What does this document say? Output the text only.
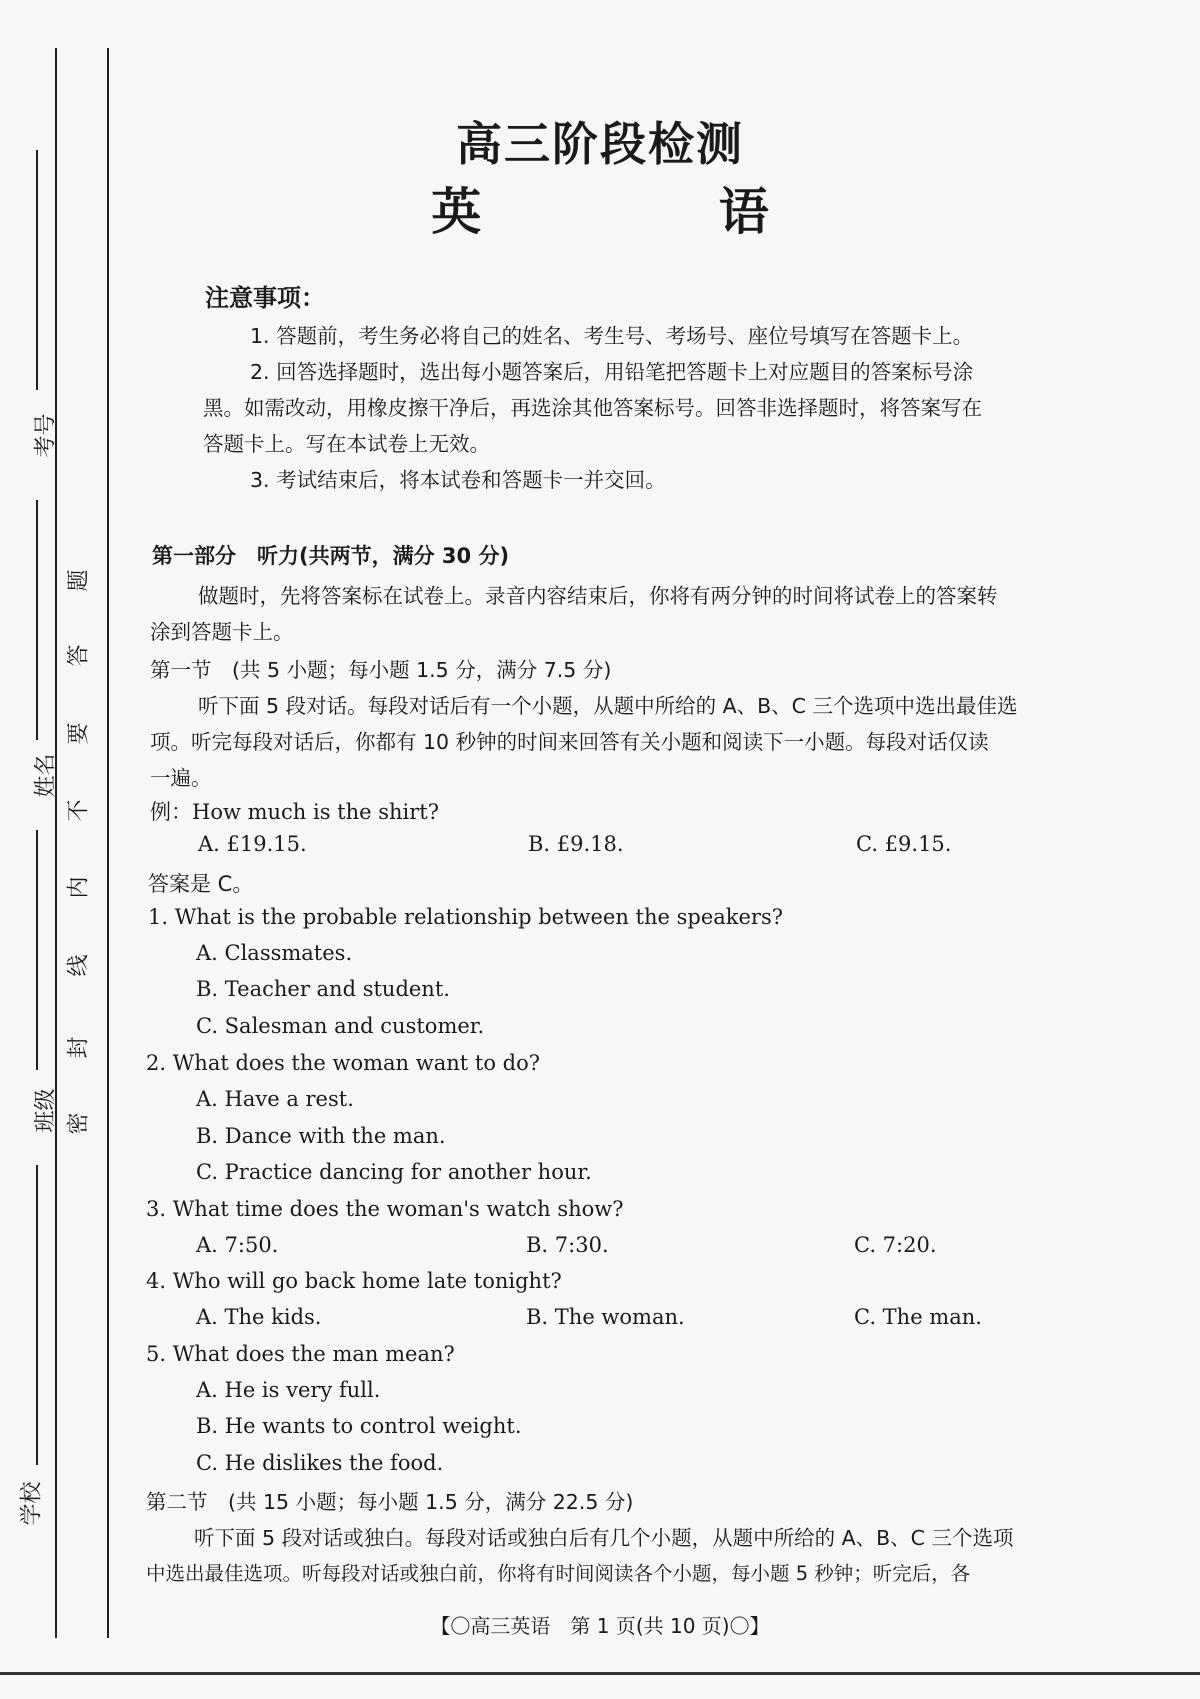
考号
姓名
班级
学校
题
答
要
不
内
线
封
密
高三阶段检测
英 语
注意事项：
1. 答题前，考生务必将自己的姓名、考生号、考场号、座位号填写在答题卡上。
2. 回答选择题时，选出每小题答案后，用铅笔把答题卡上对应题目的答案标号涂
黑。如需改动，用橡皮擦干净后，再选涂其他答案标号。回答非选择题时，将答案写在
答题卡上。写在本试卷上无效。
3. 考试结束后，将本试卷和答题卡一并交回。
第一部分　听力(共两节，满分 30 分)
做题时，先将答案标在试卷上。录音内容结束后，你将有两分钟的时间将试卷上的答案转
涂到答题卡上。
第一节　(共 5 小题；每小题 1.5 分，满分 7.5 分)
听下面 5 段对话。每段对话后有一个小题，从题中所给的 A、B、C 三个选项中选出最佳选
项。听完每段对话后，你都有 10 秒钟的时间来回答有关小题和阅读下一小题。每段对话仅读
一遍。
例：How much is the shirt?
A. £19.15.	B. £9.18.	C. £9.15.
答案是 C。
1. What is the probable relationship between the speakers?
A. Classmates.
B. Teacher and student.
C. Salesman and customer.
2. What does the woman want to do?
A. Have a rest.
B. Dance with the man.
C. Practice dancing for another hour.
3. What time does the woman's watch show?
A. 7:50.	B. 7:30.	C. 7:20.
4. Who will go back home late tonight?
A. The kids.	B. The woman.	C. The man.
5. What does the man mean?
A. He is very full.
B. He wants to control weight.
C. He dislikes the food.
第二节　(共 15 小题；每小题 1.5 分，满分 22.5 分)
听下面 5 段对话或独白。每段对话或独白后有几个小题，从题中所给的 A、B、C 三个选项
中选出最佳选项。听每段对话或独白前，你将有时间阅读各个小题，每小题 5 秒钟；听完后，各
【〇高三英语　第 1 页(共 10 页)〇】
